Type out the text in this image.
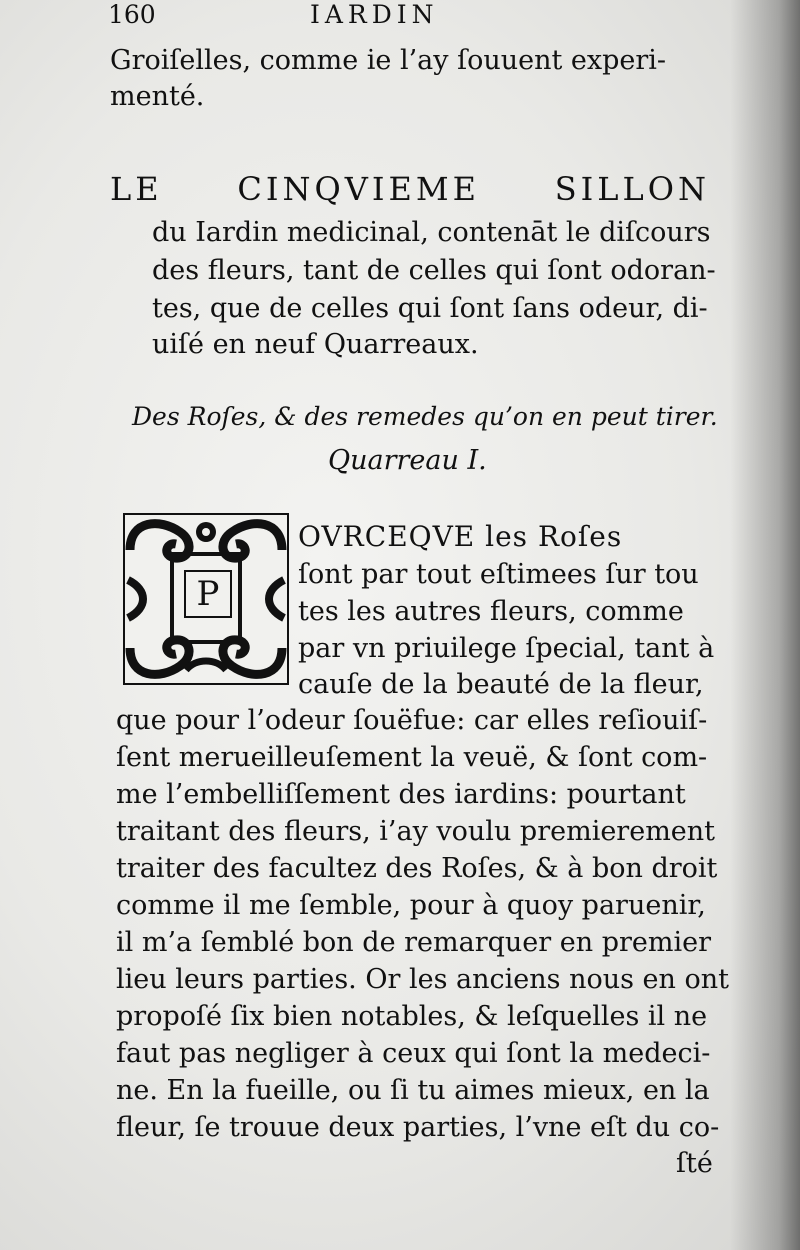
160	IARDIN
Groiſelles, comme ie l’ay ſouuent experi-
menté.
LE CINQVIEME SILLON
du Iardin medicinal, contenāt le diſcours
des fleurs, tant de celles qui ſont odoran-
tes, que de celles qui ſont ſans odeur, di-
uiſé en neuf Quarreaux.
Des Roſes, & des remedes qu’on en peut tirer.
Quarreau I.
P
OVRCEQVE les Roſes
ſont par tout eſtimees ſur tou
tes les autres fleurs, comme
par vn priuilege ſpecial, tant à
cauſe de la beauté de la fleur,
que pour l’odeur ſouëfue: car elles reſiouiſ-
ſent merueilleuſement la veuë, & ſont com-
me l’embelliſſement des iardins: pourtant
traitant des fleurs, i’ay voulu premierement
traiter des facultez des Roſes, & à bon droit
comme il me ſemble, pour à quoy paruenir,
il m’a ſemblé bon de remarquer en premier
lieu leurs parties. Or les anciens nous en ont
propoſé ſix bien notables, & leſquelles il ne
faut pas negliger à ceux qui ſont la medeci-
ne. En la fueille, ou ſi tu aimes mieux, en la
fleur, ſe trouue deux parties, l’vne eſt du co-
ſté
